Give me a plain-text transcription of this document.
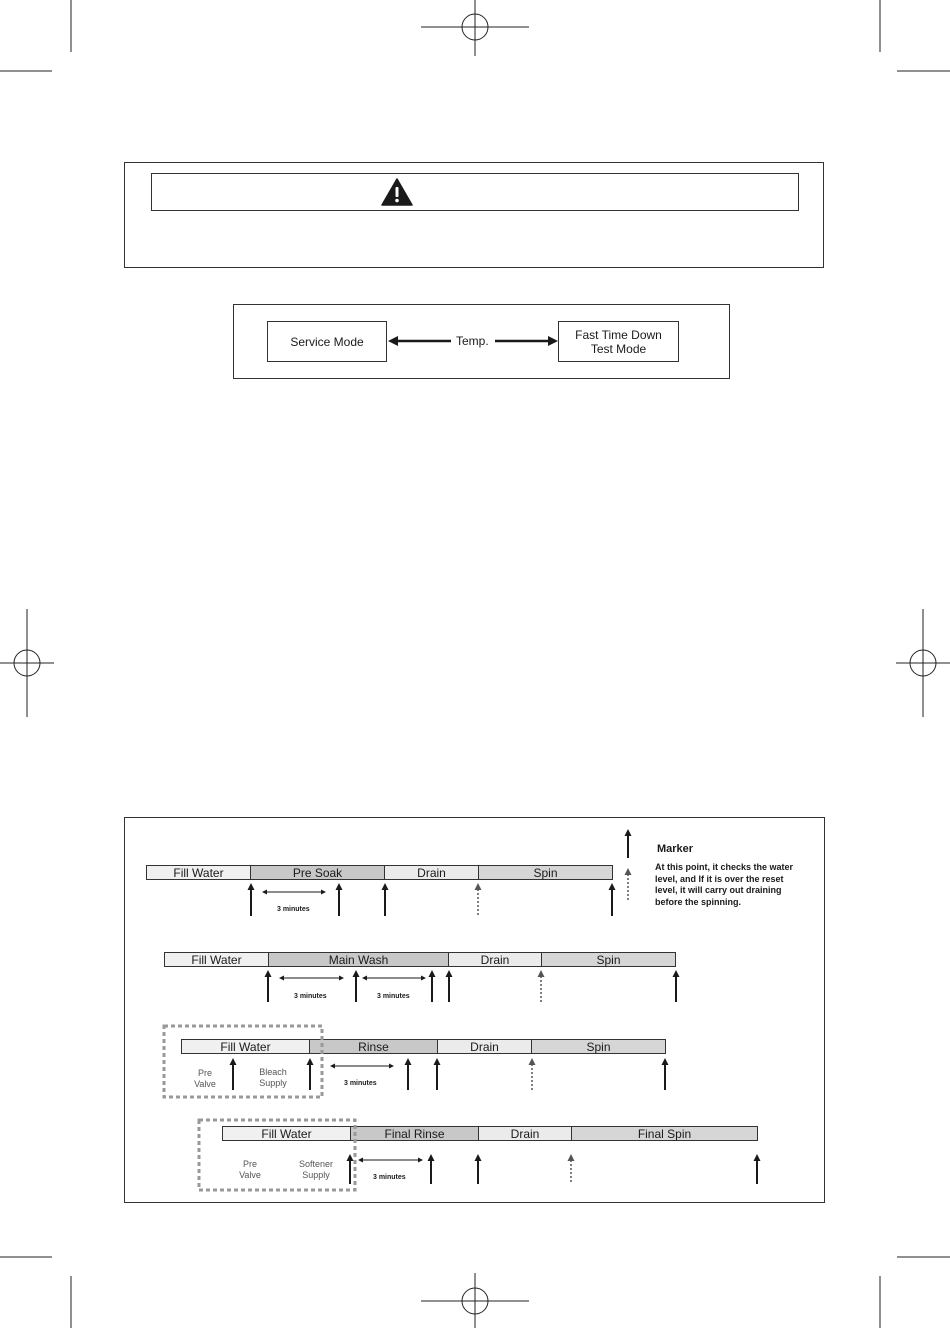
Service Mode	Fast Time Down
Test Mode
Temp.
Fill Water	Pre Soak	Drain	Spin
3 minutes
Fill Water	Main Wash	Drain	Spin
3 minutes	3 minutes
Fill Water	Rinse	Drain	Spin
Pre
Valve
Bleach
Supply	3 minutes
Fill Water	Final Rinse	Drain	Final Spin
Pre
Valve
Softener
Supply	3 minutes
Marker
At this point, it checks the water
level, and If it is over the reset
level, it will carry out draining
before the spinning.
